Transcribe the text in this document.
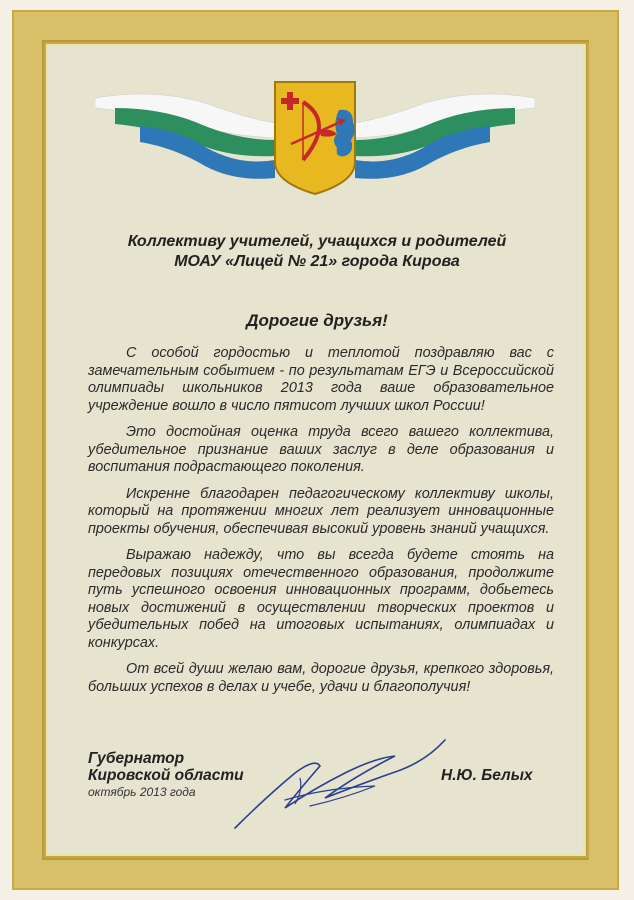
Коллективу учителей, учащихся и родителей
МОАУ «Лицей № 21» города Кирова
Дорогие друзья!

С особой гордостью и теплотой поздравляю вас с замечательным событием - по результатам ЕГЭ и Всероссийской олимпиады школьников 2013 года ваше образовательное учреждение вошло в число пятисот лучших школ России!

Это достойная оценка труда всего вашего коллектива, убедительное признание ваших заслуг в деле образования и воспитания подрастающего поколения.

Искренне благодарен педагогическому коллективу школы, который на протяжении многих лет реализует инновационные проекты обучения, обеспечивая высокий уровень знаний учащихся.

Выражаю надежду, что вы всегда будете стоять на передовых позициях отечественного образования, продолжите путь успешного освоения инновационных программ, добьетесь новых достижений в осуществлении творческих проектов и убедительных побед на итоговых испытаниях, олимпиадах и конкурсах.

От всей души желаю вам, дорогие друзья, крепкого здоровья, больших успехов в делах и учебе, удачи и благополучия!

Губернатор
Кировской области
октябрь 2013 года
Н.Ю. Белых
